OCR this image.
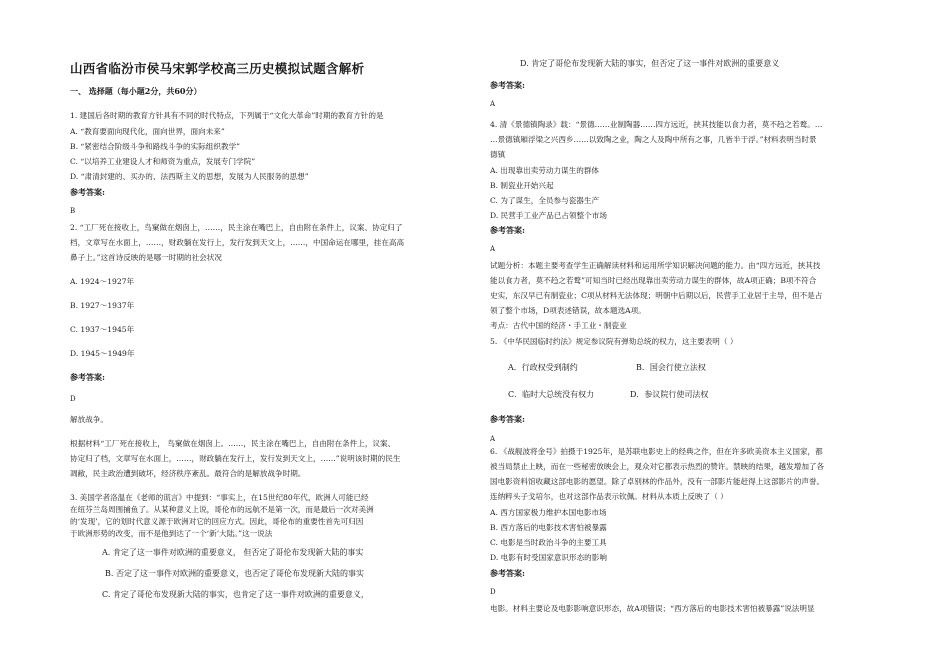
山西省临汾市侯马宋郭学校高三历史模拟试题含解析
一、 选择题（每小题2分，共60分）
1. 建国后各时期的教育方针具有不同的时代特点，下列属于“文化大革命”时期的教育方针的是
A. “教育要面向现代化，面向世界，面向未来”
B. “紧密结合阶级斗争和路线斗争的实际组织教学”
C. “以培养工业建设人才和师资为重点，发展专门学院”
D. “肃清封建的、买办的、法西斯主义的思想，发展为人民服务的思想”
参考答案:
B
2. “工厂死在接收上，鸟窠做在烟囱上，……，民主涂在嘴巴上，自由附在条件上，议案、协定归了
档，文章写在水面上，……，财政躺在发行上，发行发到天文上，……，中国命运在哪里，挂在高高
鼻子上。”这首诗反映的是哪一时期的社会状况
A. 1924～1927年
B. 1927～1937年
C. 1937～1945年
D. 1945～1949年
参考答案:
D
解放战争。
根据材料“工厂死在接收上， 鸟窠做在烟囱上。……，民主涂在嘴巴上，自由附在条件上，议案、
协定归了档，文章写在水面上，……，财政躺在发行上，发行发到天文上，……”说明该时期的民生
凋敝，民主政治遭到破坏，经济秩序紊乱。最符合的是解放战争时期。
3. 美国学者洛温在《老师的谎言》中提到：“事实上，在15世纪80年代，欧洲人可能已经
在纽芬兰岛周围捕鱼了。从某种意义上说，哥伦布的远航不是第一次，而是最后一次对美洲
的‘发现’，它的划时代意义源于欧洲对它的回应方式。因此，哥伦布的重要性首先可归因
于欧洲形势的改变，而不是他到达了一个‘新’大陆。”这一说法
A. 肯定了这一事件对欧洲的重要意义， 但否定了哥伦布发现新大陆的事实
B. 否定了这一事件对欧洲的重要意义，也否定了哥伦布发现新大陆的事实
C. 肯定了哥伦布发现新大陆的事实，也肯定了这一事件对欧洲的重要意义，
D. 肯定了哥伦布发现新大陆的事实，但否定了这一事件对欧洲的重要意义
参考答案:
A
4. 清《景德镇陶录》载：“景德……业制陶器……四方远近，挟其技能以食力者，莫不趋之若鹜。…
…景德镇厢浮梁之兴西乡……以致陶之业，陶之人及陶中所有之事，几皆半于浮。”材料表明当时景
德镇
A. 出现靠出卖劳动力谋生的群体
B. 制瓷业开始兴起
C. 为了谋生，全员参与瓷器生产
D. 民营手工业产品已占领整个市场
参考答案:
A
试题分析：本题主要考查学生正确解读材料和运用所学知识解决问题的能力。由“四方远近，挟其技
能以食力者，莫不趋之若鹜”可知当时已经出现靠出卖劳动力谋生的群体，故A项正确；B项不符合
史实，东汉早已有制瓷业；C项从材料无法体现；明朝中后期以后，民营手工业居于主导，但不是占
领了整个市场，D项表述错误，故本题选A项。
考点：古代中国的经济・手工业・制瓷业
5. 《中华民国临时约法》规定参议院有弹劾总统的权力，这主要表明（ ）
A．行政权受到制约	B．国会行使立法权
C．临时大总统没有权力	D．参议院行使司法权
参考答案:
A
6. 《战舰波将金号》拍摄于1925年，是苏联电影史上的经典之作，但在许多欧美资本主义国家，都
被当局禁止上映，而在一些秘密放映会上，观众对它都表示热烈的赞许。禁映的结果，越发增加了各
国电影资料馆收藏这部电影的愿望。除了卓别林的作品外，没有一部影片能赶得上这部影片的声誉。
连纳粹头子戈培尔，也对这部作品表示钦佩。材料从本质上反映了（ ）
A. 西方国家极力维护本国电影市场
B. 西方落后的电影技术害怕被暴露
C. 电影是当时政治斗争的主要工具
D. 电影有时受国家意识形态的影响
参考答案:
D
电影。材料主要论及电影影响意识形态，故A项错误；“西方落后的电影技术害怕被暴露”说法明显
